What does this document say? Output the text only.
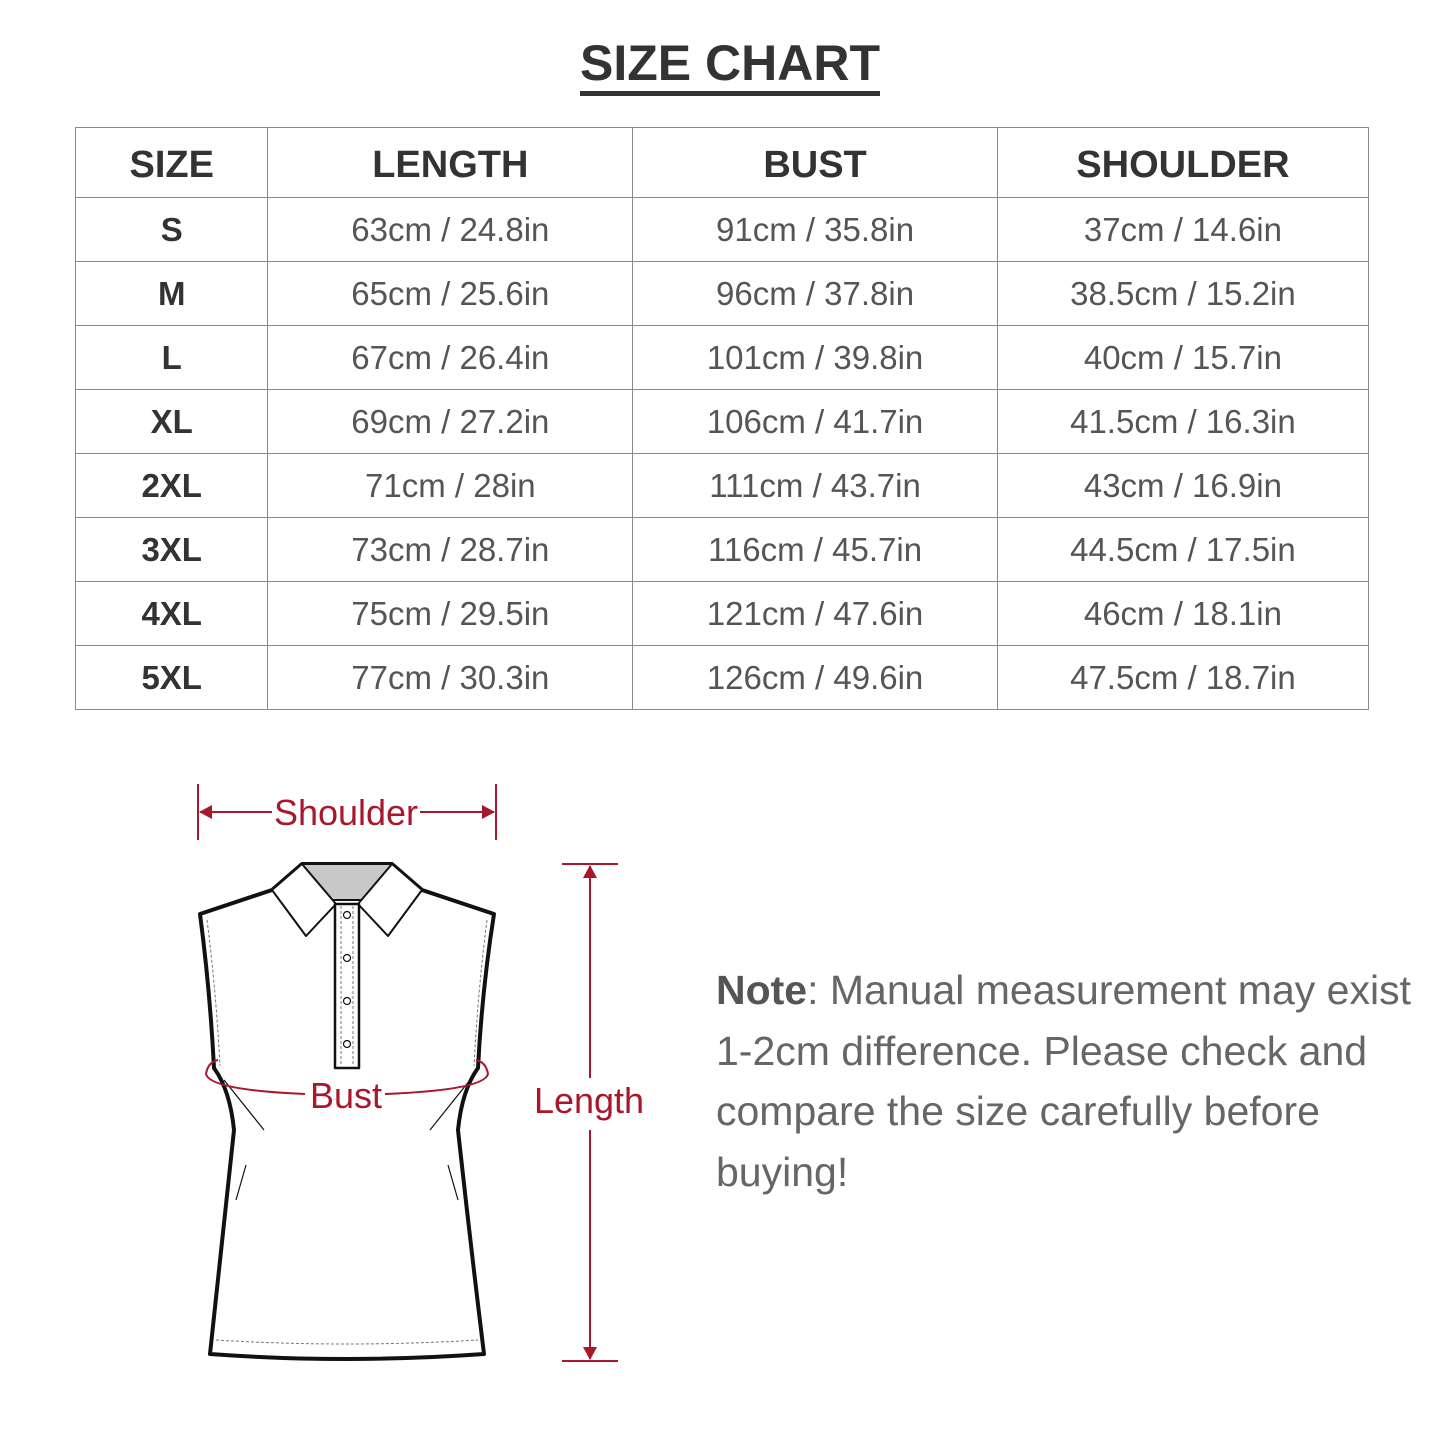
SIZE CHART
SIZE	LENGTH	BUST	SHOULDER
S	63cm / 24.8in	91cm / 35.8in	37cm / 14.6in
M	65cm / 25.6in	96cm / 37.8in	38.5cm / 15.2in
L	67cm / 26.4in	101cm / 39.8in	40cm / 15.7in
XL	69cm / 27.2in	106cm / 41.7in	41.5cm / 16.3in
2XL	71cm / 28in	111cm / 43.7in	43cm / 16.9in
3XL	73cm / 28.7in	116cm / 45.7in	44.5cm / 17.5in
4XL	75cm / 29.5in	121cm / 47.6in	46cm / 18.1in
5XL	77cm / 30.3in	126cm / 49.6in	47.5cm / 18.7in
Shoulder
Length
Bust
Note: Manual measurement may exist 1-2cm difference. Please check and compare the size carefully before buying!
